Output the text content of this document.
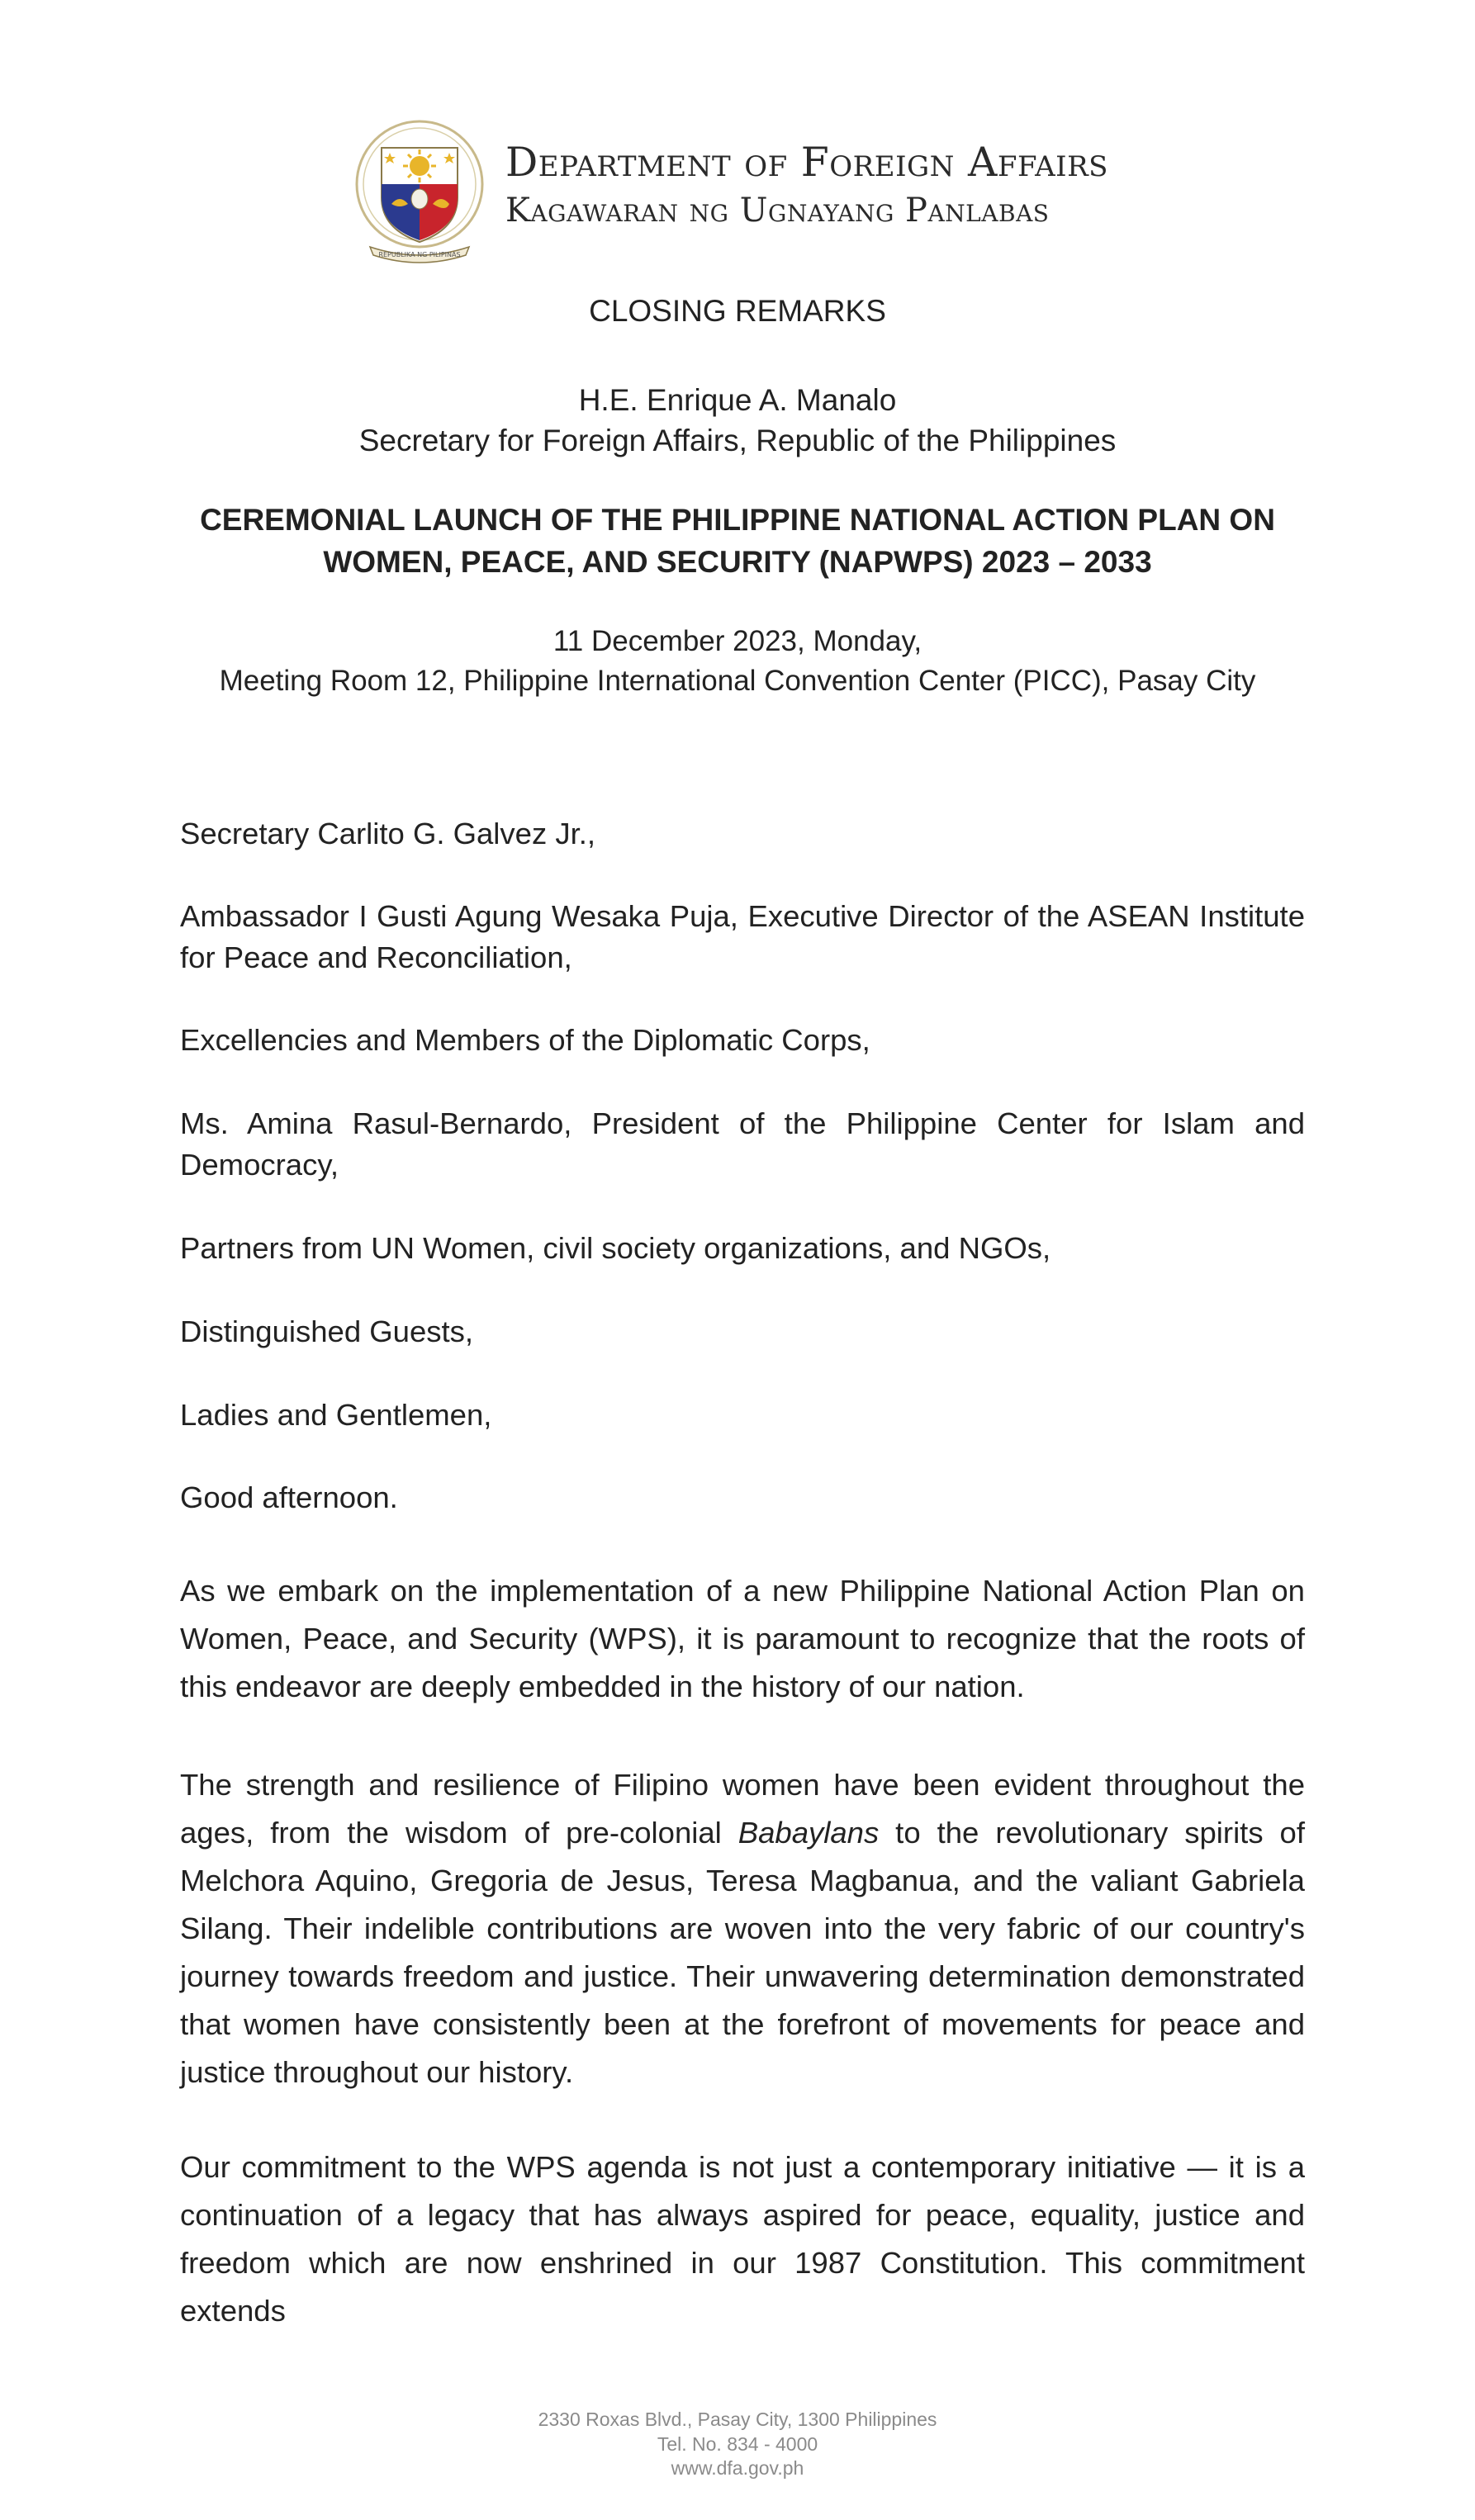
REPUBLIKA NG PILIPINAS
Department of Foreign Affairs
Kagawaran ng Ugnayang Panlabas
CLOSING REMARKS
H.E. Enrique A. Manalo
Secretary for Foreign Affairs, Republic of the Philippines
CEREMONIAL LAUNCH OF THE PHILIPPINE NATIONAL ACTION PLAN ON
WOMEN, PEACE, AND SECURITY (NAPWPS) 2023 – 2033
11 December 2023, Monday,
Meeting Room 12, Philippine International Convention Center (PICC), Pasay City
Secretary Carlito G. Galvez Jr.,
Ambassador I Gusti Agung Wesaka Puja, Executive Director of the ASEAN Institute for Peace and Reconciliation,
Excellencies and Members of the Diplomatic Corps,
Ms. Amina Rasul-Bernardo, President of the Philippine Center for Islam and Democracy,
Partners from UN Women, civil society organizations, and NGOs,
Distinguished Guests,
Ladies and Gentlemen,
Good afternoon.
As we embark on the implementation of a new Philippine National Action Plan on Women, Peace, and Security (WPS), it is paramount to recognize that the roots of this endeavor are deeply embedded in the history of our nation.
The strength and resilience of Filipino women have been evident throughout the ages, from the wisdom of pre-colonial Babaylans to the revolutionary spirits of Melchora Aquino, Gregoria de Jesus, Teresa Magbanua, and the valiant Gabriela Silang. Their indelible contributions are woven into the very fabric of our country's journey towards freedom and justice. Their unwavering determination demonstrated that women have consistently been at the forefront of movements for peace and justice throughout our history.
Our commitment to the WPS agenda is not just a contemporary initiative — it is a continuation of a legacy that has always aspired for peace, equality, justice and freedom which are now enshrined in our 1987 Constitution. This commitment extends
2330 Roxas Blvd., Pasay City, 1300 Philippines
Tel. No. 834 - 4000
www.dfa.gov.ph
